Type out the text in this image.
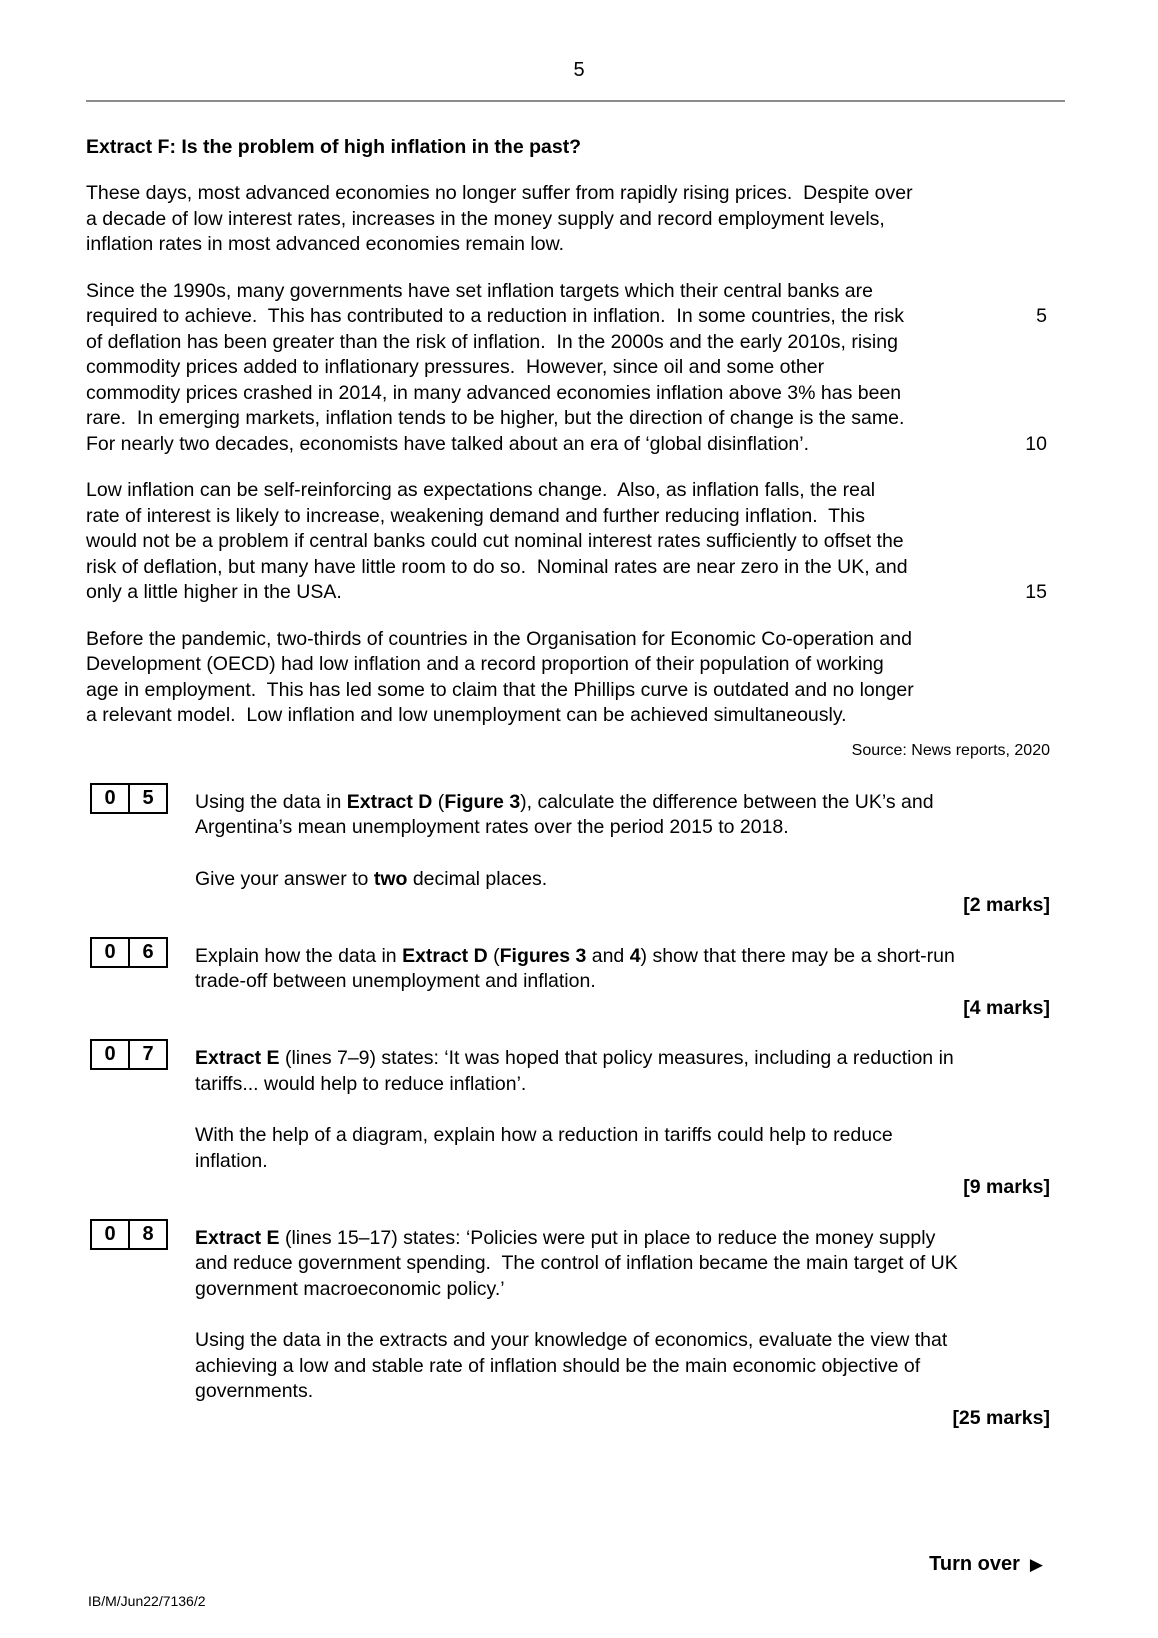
5
Extract F: Is the problem of high inflation in the past?
These days, most advanced economies no longer suffer from rapidly rising prices.  Despite over
a decade of low interest rates, increases in the money supply and record employment levels,
inflation rates in most advanced economies remain low.
Since the 1990s, many governments have set inflation targets which their central banks are
required to achieve.  This has contributed to a reduction in inflation.  In some countries, the risk
of deflation has been greater than the risk of inflation.  In the 2000s and the early 2010s, rising
commodity prices added to inflationary pressures.  However, since oil and some other
commodity prices crashed in 2014, in many advanced economies inflation above 3% has been
rare.  In emerging markets, inflation tends to be higher, but the direction of change is the same.
For nearly two decades, economists have talked about an era of ‘global disinflation’.
5
10
Low inflation can be self-reinforcing as expectations change.  Also, as inflation falls, the real
rate of interest is likely to increase, weakening demand and further reducing inflation.  This
would not be a problem if central banks could cut nominal interest rates sufficiently to offset the
risk of deflation, but many have little room to do so.  Nominal rates are near zero in the UK, and
only a little higher in the USA.	15
Before the pandemic, two-thirds of countries in the Organisation for Economic Co-operation and
Development (OECD) had low inflation and a record proportion of their population of working
age in employment.  This has led some to claim that the Phillips curve is outdated and no longer
a relevant model.  Low inflation and low unemployment can be achieved simultaneously.
Source: News reports, 2020
0	5	Using the data in Extract D (Figure 3), calculate the difference between the UK’s and
Argentina’s mean unemployment rates over the period 2015 to 2018.
Give your answer to two decimal places.
[2 marks]
0	6	Explain how the data in Extract D (Figures 3 and 4) show that there may be a short-run
trade-off between unemployment and inflation.
[4 marks]
0	7	Extract E (lines 7–9) states: ‘It was hoped that policy measures, including a reduction in
tariffs... would help to reduce inflation’.
With the help of a diagram, explain how a reduction in tariffs could help to reduce
inflation.
[9 marks]
0	8	Extract E (lines 15–17) states: ‘Policies were put in place to reduce the money supply
and reduce government spending.  The control of inflation became the main target of UK
government macroeconomic policy.’
Using the data in the extracts and your knowledge of economics, evaluate the view that
achieving a low and stable rate of inflation should be the main economic objective of
governments.
[25 marks]
Turn over ▶
IB/M/Jun22/7136/2
